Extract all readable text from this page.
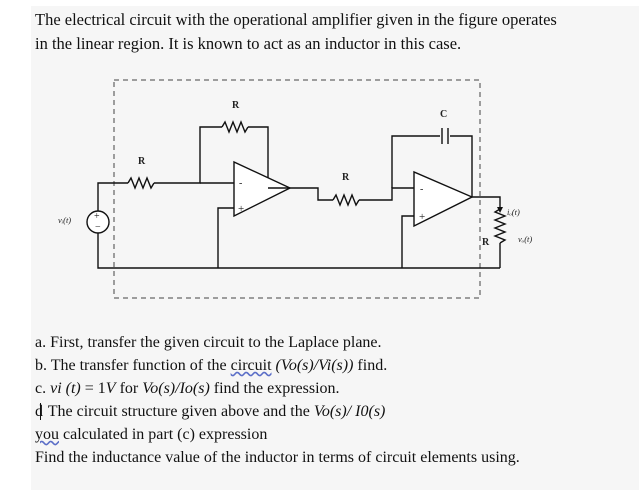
The electrical circuit with the operational amplifier given in the figure operates
in the linear region. It is known to act as an inductor in this case.
R
R
R
C
R
vᵢ(t)
iₒ(t)
vₒ(t)
+
−
-
+
-
+
a. First, transfer the given circuit to the Laplace plane.
b. The transfer function of the circuit (Vo(s)/Vi(s)) find.
c. vi (t) = 1V for Vo(s)/Io(s) find the expression.
d The circuit structure given above and the Vo(s)/ I0(s)
you calculated in part (c) expression
Find the inductance value of the inductor in terms of circuit elements using.
